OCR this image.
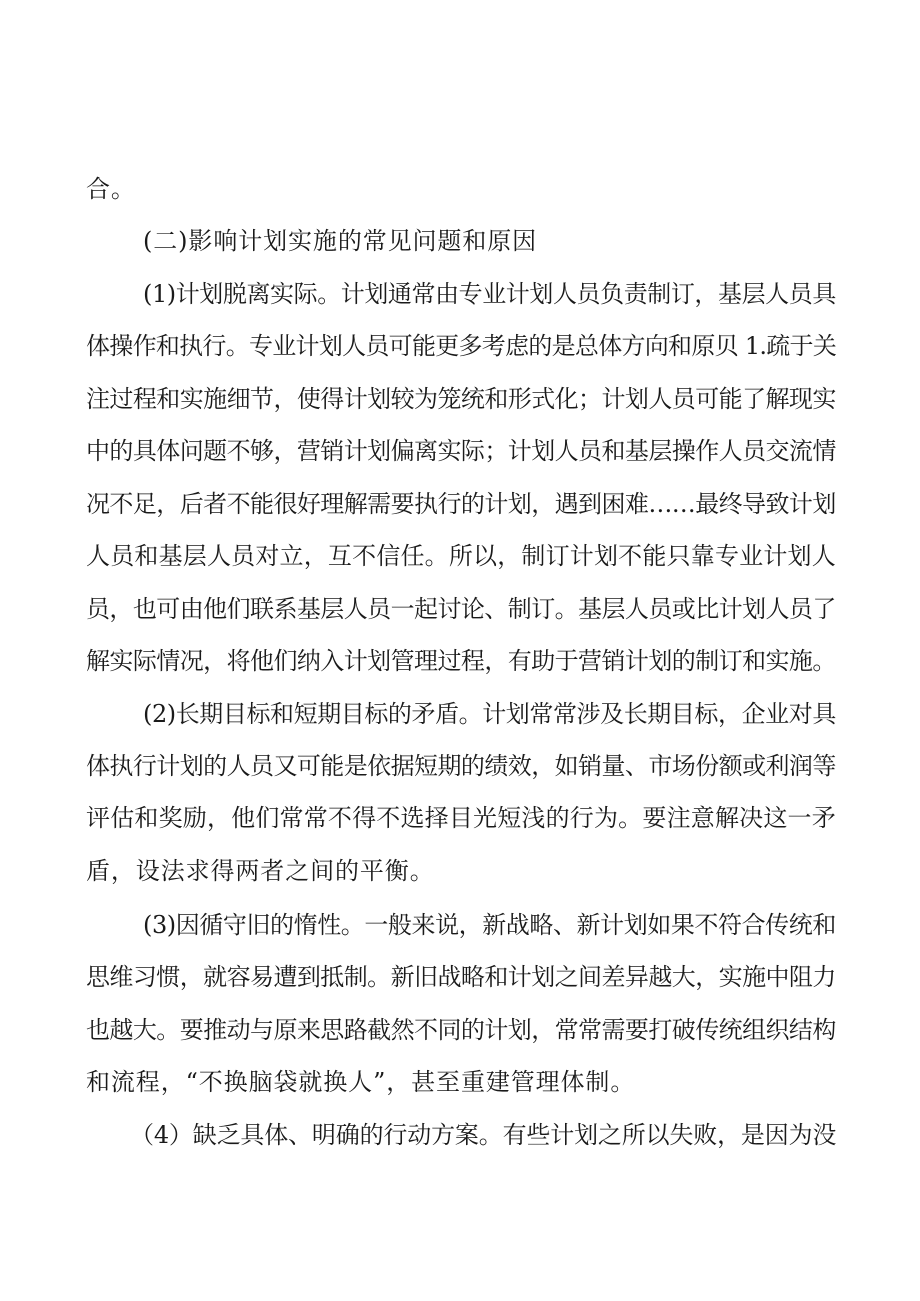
合。
(二)影响计划实施的常见问题和原因
(1)计划脱离实际。计划通常由专业计划人员负责制订，基层人员具
体操作和执行。专业计划人员可能更多考虑的是总体方向和原贝 1.疏于关
注过程和实施细节，使得计划较为笼统和形式化；计划人员可能了解现实
中的具体问题不够，营销计划偏离实际；计划人员和基层操作人员交流情
况不足，后者不能很好理解需要执行的计划，遇到困难……最终导致计划
人员和基层人员对立，互不信任。所以，制订计划不能只靠专业计划人
员，也可由他们联系基层人员一起讨论、制订。基层人员或比计划人员了
解实际情况，将他们纳入计划管理过程，有助于营销计划的制订和实施。
(2)长期目标和短期目标的矛盾。计划常常涉及长期目标，企业对具
体执行计划的人员又可能是依据短期的绩效，如销量、市场份额或利润等
评估和奖励，他们常常不得不选择目光短浅的行为。要注意解决这一矛
盾，设法求得两者之间的平衡。
(3)因循守旧的惰性。一般来说，新战略、新计划如果不符合传统和
思维习惯，就容易遭到抵制。新旧战略和计划之间差异越大，实施中阻力
也越大。要推动与原来思路截然不同的计划，常常需要打破传统组织结构
和流程，“不换脑袋就换人”，甚至重建管理体制。
（4）缺乏具体、明确的行动方案。有些计划之所以失败，是因为没
